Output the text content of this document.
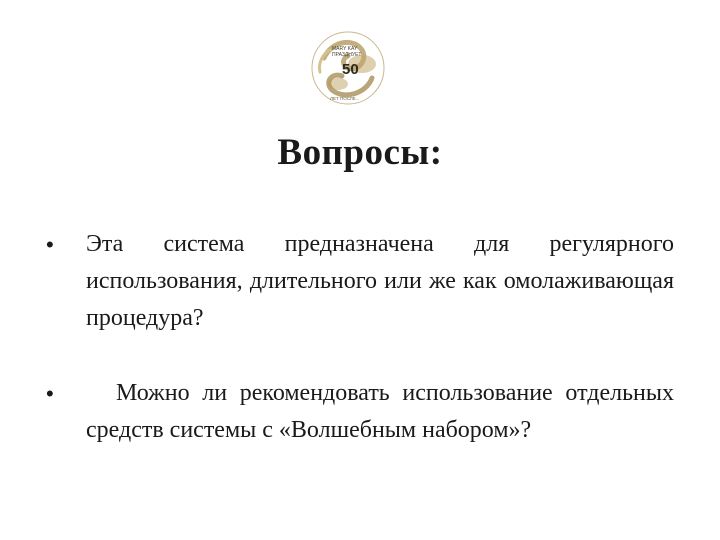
MARY KAY
ПРАЗДНУЕТ
50
ЛЕТ ПОСЛЕ...
Вопросы:
• Эта система предназначена для регулярного использования, длительного или же как омолаживающая процедура?
•	Можно ли рекомендовать использование отдельных средств системы с «Волшебным набором»?
